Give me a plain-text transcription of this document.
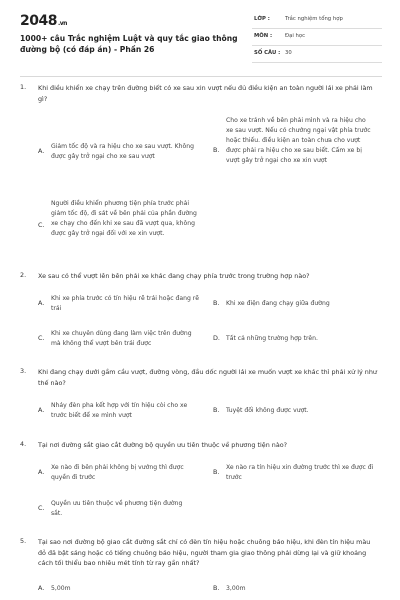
2048.vn
1000+ câu Trắc nghiệm Luật và quy tắc giao thông đường bộ (có đáp án) - Phần 26
LỚP :	Trắc nghiệm tổng hợp
MÔN : Đại học
SỐ CÂU : 30
1. Khi điều khiển xe chạy trên đường biết có xe sau xin vượt nếu đủ điều kiện an toàn người lái xe phải làm gì?
A.
Giảm tốc độ và ra hiệu cho xe sau vượt. Không được gây trở ngại cho xe sau vượt
B.
Cho xe tránh về bên phải mình và ra hiệu cho xe sau vượt. Nếu có chướng ngại vật phía trước hoặc thiếu. điều kiện an toàn chưa cho vượt được phải ra hiệu cho xe sau biết. Cấm xe bị vượt gây trở ngại cho xe xin vượt
C.
Người điều khiển phương tiện phía trước phải giảm tốc độ, đi sát về bên phải của phần đường xe chạy cho đến khi xe sau đã vượt qua, không được gây trở ngại đối với xe xin vượt.
2. Xe sau có thể vượt lên bên phải xe khác đang chạy phía trước trong trường hợp nào?
A.
Khi xe phía trước có tín hiệu rẽ trái hoặc đang rẽ trái
B. Khi xe điện đang chạy giữa đường
C.
Khi xe chuyên dùng đang làm việc trên đường mà không thể vượt bên trái được
D. Tất cả những trường hợp trên.
3. Khi đang chạy dưới gầm cầu vượt, đường vòng, đầu dốc người lái xe muốn vượt xe khác thì phải xử lý như thế nào?
A.
Nháy đèn pha kết hợp với tín hiệu còi cho xe trước biết để xe mình vượt
B. Tuyệt đối không được vượt.
4. Tại nơi đường sắt giao cắt đường bộ quyền ưu tiên thuộc về phương tiện nào?
A.
Xe nào đi bên phải không bị vướng thì được quyền đi trước
B.
Xe nào ra tín hiệu xin đường trước thì xe được đi trước
C.
Quyền ưu tiên thuộc về phương tiện đường sắt.
5. Tại sao nơi đường bộ giao cắt đường sắt chỉ có đèn tín hiệu hoặc chuông báo hiệu, khi đèn tín hiệu màu đỏ đã bật sáng hoặc có tiếng chuông báo hiệu, người tham gia giao thông phải dừng lại và giữ khoảng cách tối thiểu bao nhiêu mét tính từ ray gần nhất?
A. 5,00m	B. 3,00m
